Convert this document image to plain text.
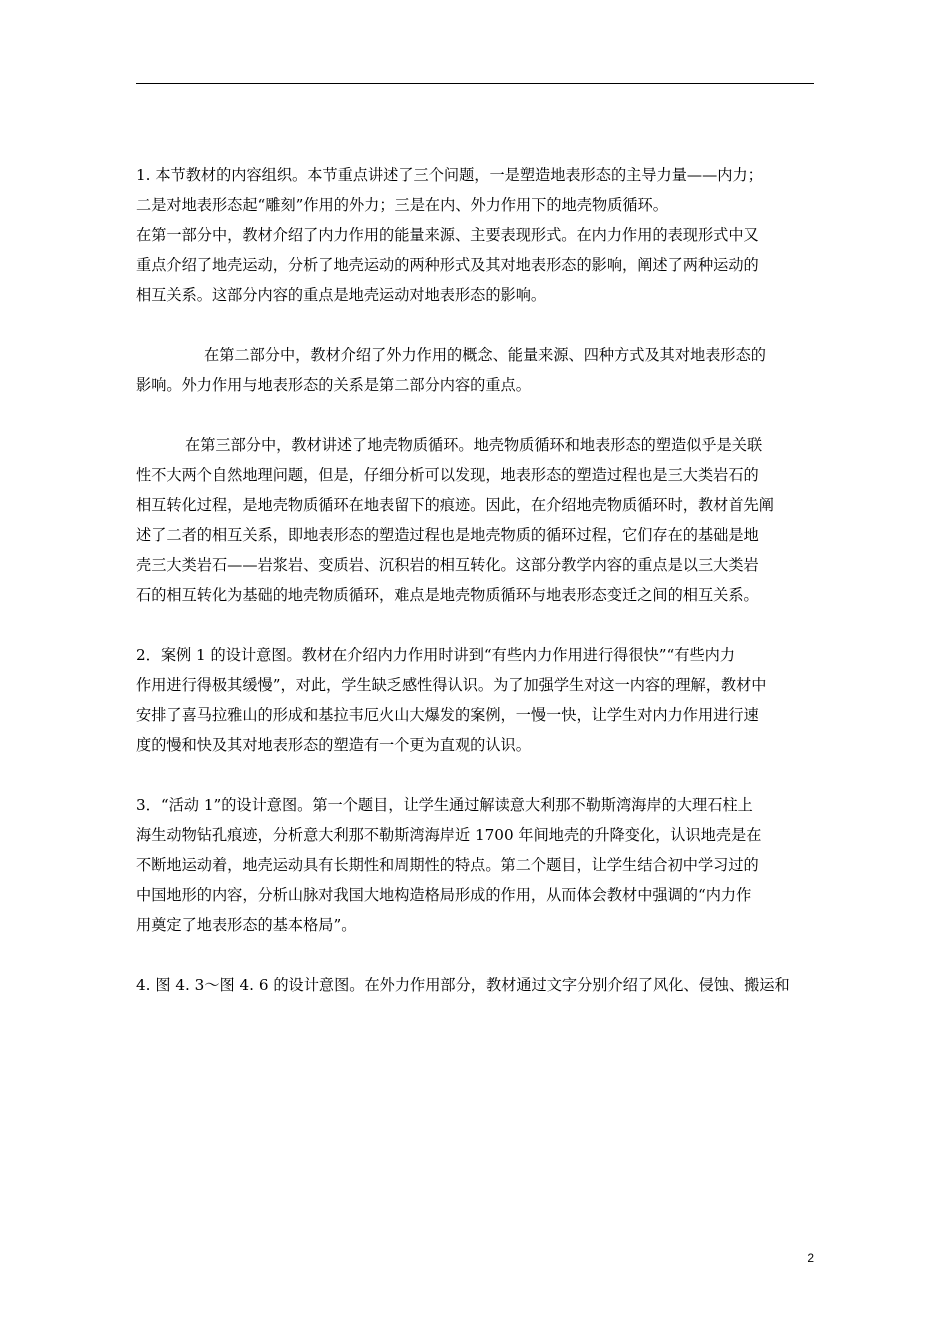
1. 本节教材的内容组织。本节重点讲述了三个问题，一是塑造地表形态的主导力量——内力；

二是对地表形态起“雕刻”作用的外力；三是在内、外力作用下的地壳物质循环。

在第一部分中，教材介绍了内力作用的能量来源、主要表现形式。在内力作用的表现形式中又

重点介绍了地壳运动，分析了地壳运动的两种形式及其对地表形态的影响，阐述了两种运动的

相互关系。这部分内容的重点是地壳运动对地表形态的影响。

在第二部分中，教材介绍了外力作用的概念、能量来源、四种方式及其对地表形态的

影响。外力作用与地表形态的关系是第二部分内容的重点。

在第三部分中，教材讲述了地壳物质循环。地壳物质循环和地表形态的塑造似乎是关联

性不大两个自然地理问题，但是，仔细分析可以发现，地表形态的塑造过程也是三大类岩石的

相互转化过程，是地壳物质循环在地表留下的痕迹。因此，在介绍地壳物质循环时，教材首先阐

述了二者的相互关系，即地表形态的塑造过程也是地壳物质的循环过程，它们存在的基础是地

壳三大类岩石——岩浆岩、变质岩、沉积岩的相互转化。这部分教学内容的重点是以三大类岩

石的相互转化为基础的地壳物质循环，难点是地壳物质循环与地表形态变迁之间的相互关系。

2．案例 1 的设计意图。教材在介绍内力作用时讲到“有些内力作用进行得很快”“有些内力

作用进行得极其缓慢”，对此，学生缺乏感性得认识。为了加强学生对这一内容的理解，教材中

安排了喜马拉雅山的形成和基拉韦厄火山大爆发的案例，一慢一快，让学生对内力作用进行速

度的慢和快及其对地表形态的塑造有一个更为直观的认识。

3．“活动 1”的设计意图。第一个题目，让学生通过解读意大利那不勒斯湾海岸的大理石柱上

海生动物钻孔痕迹，分析意大利那不勒斯湾海岸近 1700 年间地壳的升降变化，认识地壳是在

不断地运动着，地壳运动具有长期性和周期性的特点。第二个题目，让学生结合初中学习过的

中国地形的内容，分析山脉对我国大地构造格局形成的作用，从而体会教材中强调的“内力作

用奠定了地表形态的基本格局”。

4. 图 4. 3～图 4. 6 的设计意图。在外力作用部分，教材通过文字分别介绍了风化、侵蚀、搬运和

2
